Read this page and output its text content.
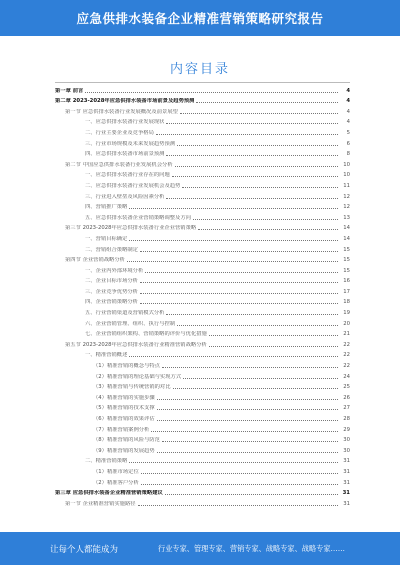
应急供排水装备企业精准营销策略研究报告
内容目录
第一章 前言	4
第二章 2023-2028年应急供排水装备市场前景及趋势预测	4
第一节 应急供排水装备行业发展概况及前景展望	4
一、应急供排水装备行业发展现状	4
二、行业主要企业及竞争格局	5
三、行业市场规模及未来发展趋势预测	6
四、应急供排水装备市场前景预测	8
第二节 中国应急供排水装备行业发展机会分析	10
一、应急供排水装备行业存在的问题	10
二、应急供排水装备行业发展机会及趋势	11
三、行业进入壁垒及风险因素分析	12
四、营销推广策略	12
五、应急供排水装备企业营销策略调整及方向	13
第三节 2023-2028年应急供排水装备行业企业营销策略	14
一、营销目标确定	14
二、营销组合策略制定	15
第四节 企业营销战略分析	15
一、企业内外部环境分析	15
二、企业目标市场分析	16
三、企业竞争优势分析	17
四、企业营销策略分析	18
五、行业营销渠道及营销模式分析	19
六、企业营销管理、组织、执行与控制	20
七、企业营销组织架构、营销策略的评价与优化措施	21
第五节 2023-2028年应急供排水装备行业精准营销战略分析	22
一、精准营销概述	22
（1）精准营销的概念与特点	22
（2）精准营销的理论基础与实现方式	24
（3）精准营销与传统营销的对比	25
（4）精准营销的实施步骤	26
（5）精准营销的技术支撑	27
（6）精准营销的效果评估	28
（7）精准营销案例分析	29
（8）精准营销的风险与防范	30
（9）精准营销的发展趋势	30
二、精准营销策略	31
（1）精准市场定位	31
（2）精准客户分析	31
第三章 应急供排水装备企业精准营销策略建议	31
第一节 企业精准营销实施路径	31
让每个人都能成为	行业专家、管理专家、营销专家、战略专家、战略专家……
